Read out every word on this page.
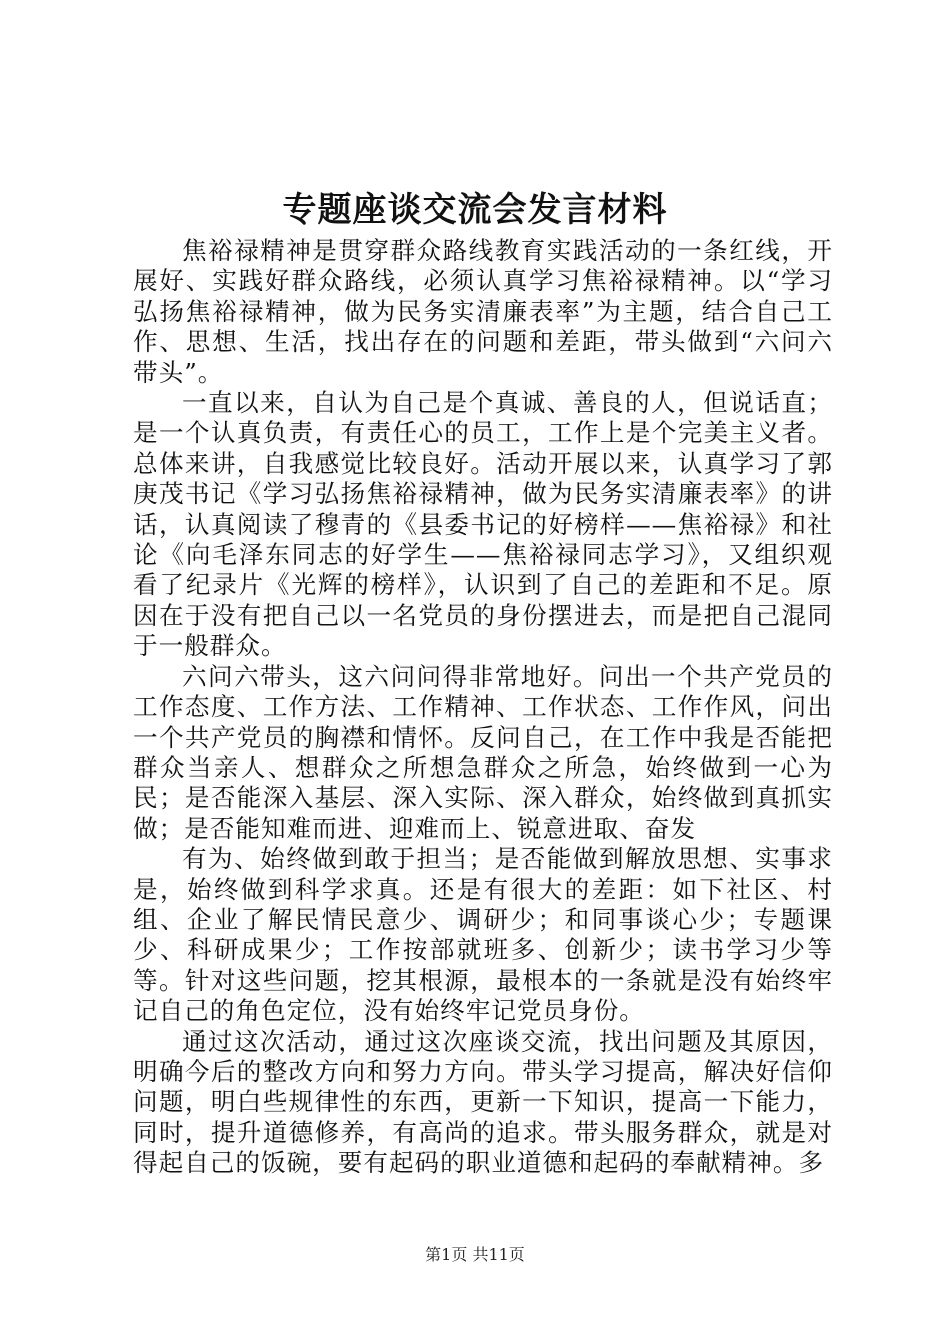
专题座谈交流会发言材料

焦裕禄精神是贯穿群众路线教育实践活动的一条红线，开展好、实践好群众路线，必须认真学习焦裕禄精神。以“学习弘扬焦裕禄精神，做为民务实清廉表率”为主题，结合自己工作、思想、生活，找出存在的问题和差距，带头做到“六问六带头”。

一直以来，自认为自己是个真诚、善良的人，但说话直；是一个认真负责，有责任心的员工，工作上是个完美主义者。总体来讲，自我感觉比较良好。活动开展以来，认真学习了郭庚茂书记《学习弘扬焦裕禄精神，做为民务实清廉表率》的讲话，认真阅读了穆青的《县委书记的好榜样——焦裕禄》和社论《向毛泽东同志的好学生——焦裕禄同志学习》，又组织观看了纪录片《光辉的榜样》，认识到了自己的差距和不足。原因在于没有把自己以一名党员的身份摆进去，而是把自己混同于一般群众。

六问六带头，这六问问得非常地好。问出一个共产党员的工作态度、工作方法、工作精神、工作状态、工作作风，问出一个共产党员的胸襟和情怀。反问自己，在工作中我是否能把群众当亲人、想群众之所想急群众之所急，始终做到一心为民；是否能深入基层、深入实际、深入群众，始终做到真抓实做；是否能知难而进、迎难而上、锐意进取、奋发

有为、始终做到敢于担当；是否能做到解放思想、实事求是，始终做到科学求真。还是有很大的差距：如下社区、村组、企业了解民情民意少、调研少；和同事谈心少；专题课少、科研成果少；工作按部就班多、创新少；读书学习少等等。针对这些问题，挖其根源，最根本的一条就是没有始终牢记自己的角色定位，没有始终牢记党员身份。

通过这次活动，通过这次座谈交流，找出问题及其原因，明确今后的整改方向和努力方向。带头学习提高，解决好信仰问题，明白些规律性的东西，更新一下知识，提高一下能力，同时，提升道德修养，有高尚的追求。带头服务群众，就是对得起自己的饭碗，要有起码的职业道德和起码的奉献精神。多

第1页 共11页
